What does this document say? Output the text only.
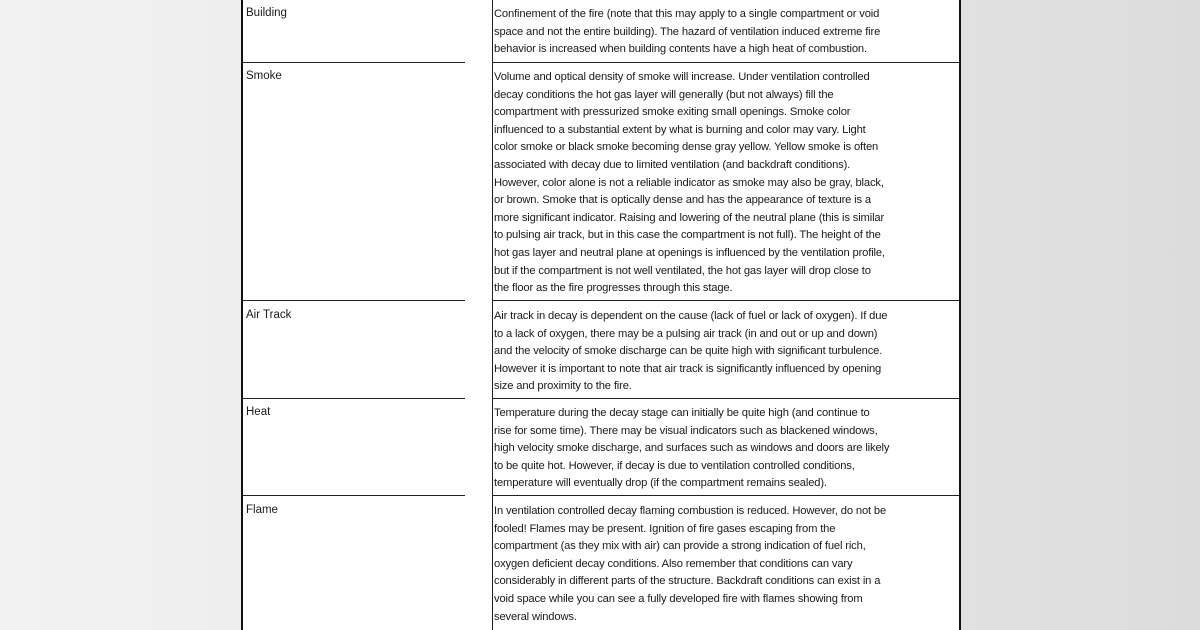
Building	Confinement of the fire (note that this may apply to a single compartment or void
space and not the entire building). The hazard of ventilation induced extreme fire
behavior is increased when building contents have a high heat of combustion.
Smoke	Volume and optical density of smoke will increase. Under ventilation controlled
decay conditions the hot gas layer will generally (but not always) fill the
compartment with pressurized smoke exiting small openings. Smoke color
influenced to a substantial extent by what is burning and color may vary. Light
color smoke or black smoke becoming dense gray yellow. Yellow smoke is often
associated with decay due to limited ventilation (and backdraft conditions).
However, color alone is not a reliable indicator as smoke may also be gray, black,
or brown. Smoke that is optically dense and has the appearance of texture is a
more significant indicator. Raising and lowering of the neutral plane (this is similar
to pulsing air track, but in this case the compartment is not full). The height of the
hot gas layer and neutral plane at openings is influenced by the ventilation profile,
but if the compartment is not well ventilated, the hot gas layer will drop close to
the floor as the fire progresses through this stage.
Air Track	Air track in decay is dependent on the cause (lack of fuel or lack of oxygen). If due
to a lack of oxygen, there may be a pulsing air track (in and out or up and down)
and the velocity of smoke discharge can be quite high with significant turbulence.
However it is important to note that air track is significantly influenced by opening
size and proximity to the fire.
Heat	Temperature during the decay stage can initially be quite high (and continue to
rise for some time). There may be visual indicators such as blackened windows,
high velocity smoke discharge, and surfaces such as windows and doors are likely
to be quite hot. However, if decay is due to ventilation controlled conditions,
temperature will eventually drop (if the compartment remains sealed).
Flame	In ventilation controlled decay flaming combustion is reduced. However, do not be
fooled! Flames may be present. Ignition of fire gases escaping from the
compartment (as they mix with air) can provide a strong indication of fuel rich,
oxygen deficient decay conditions. Also remember that conditions can vary
considerably in different parts of the structure. Backdraft conditions can exist in a
void space while you can see a fully developed fire with flames showing from
several windows.
